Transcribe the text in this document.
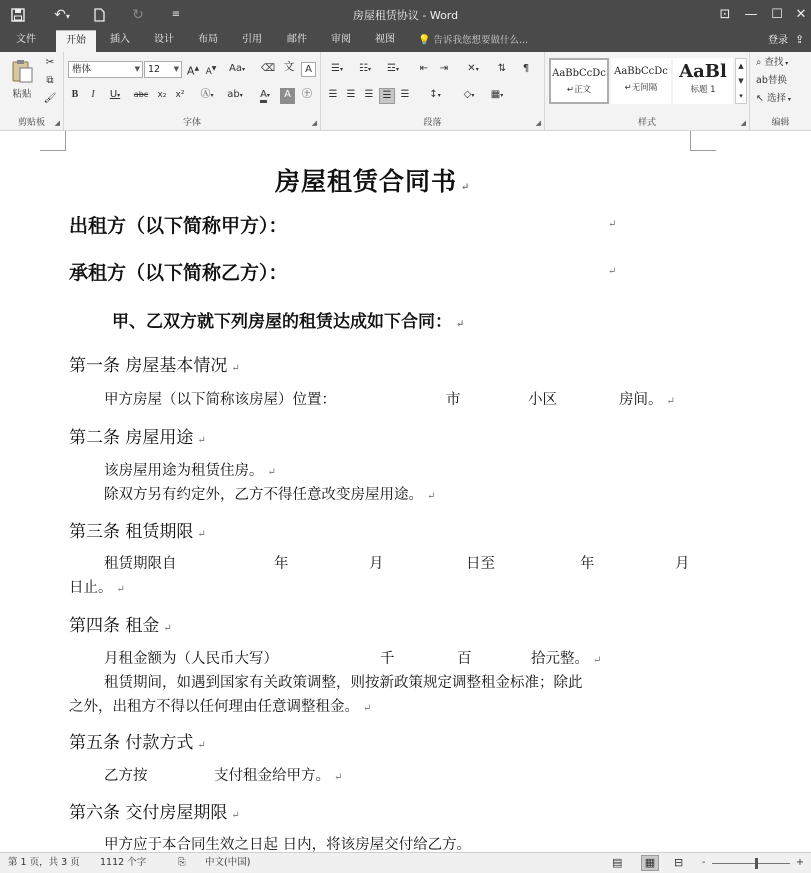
↶▾	↻	≡	房屋租赁协议 - Word	⊡	—	☐ ✕
文件	开始	插入	设计	布局	引用	邮件	审阅	视图	💡 告诉我您想要做什么...	登录 ⇪
粘贴
✂
⧉
🖌
剪贴板	◢
楷体	▼ 12 ▼ A▲ A▼	Aa▾	⌫ 文	A
B	I	U▾	abc	x₂	x²	Ⓐ▾	ab▾	A▾	A	㊉
字体	◢
☰▾	☷▾	☲▾	⇤	⇥	✕▾	⇅	¶
☰ ☰ ☰ ☰ ☰	↕▾	◇▾	▦▾
段落	◢
AaBbCcDc
↵正文
AaBbCcDc
↵无间隔
AaBl
标题 1
▲
▼
▾
样式	◢
⌕ 查找 ▾
ab替换
↖ 选择 ▾
编辑
房屋租赁合同书 ↵
出租方（以下简称甲方）：	↵
承租方（以下简称乙方）：	↵
甲、乙双方就下列房屋的租赁达成如下合同： ↵
第一条 房屋基本情况 ↵
甲方房屋（以下简称该房屋）位置：	市	小区	房间。 ↵
第二条 房屋用途 ↵
该房屋用途为租赁住房。 ↵
除双方另有约定外，乙方不得任意改变房屋用途。 ↵
第三条 租赁期限 ↵
租赁期限自	年	月	日至	年	月
日止。 ↵
第四条 租金 ↵
月租金额为（人民币大写）	千	百	拾元整。 ↵
租赁期间，如遇到国家有关政策调整，则按新政策规定调整租金标准；除此
之外，出租方不得以任何理由任意调整租金。 ↵
第五条 付款方式 ↵
乙方按	支付租金给甲方。 ↵
第六条 交付房屋期限 ↵
甲方应于本合同生效之日起 日内，将该房屋交付给乙方。
第 1 页，共 3 页 1112 个字	⎘ 中文(中国)	▤	▦	⊟ -	+
